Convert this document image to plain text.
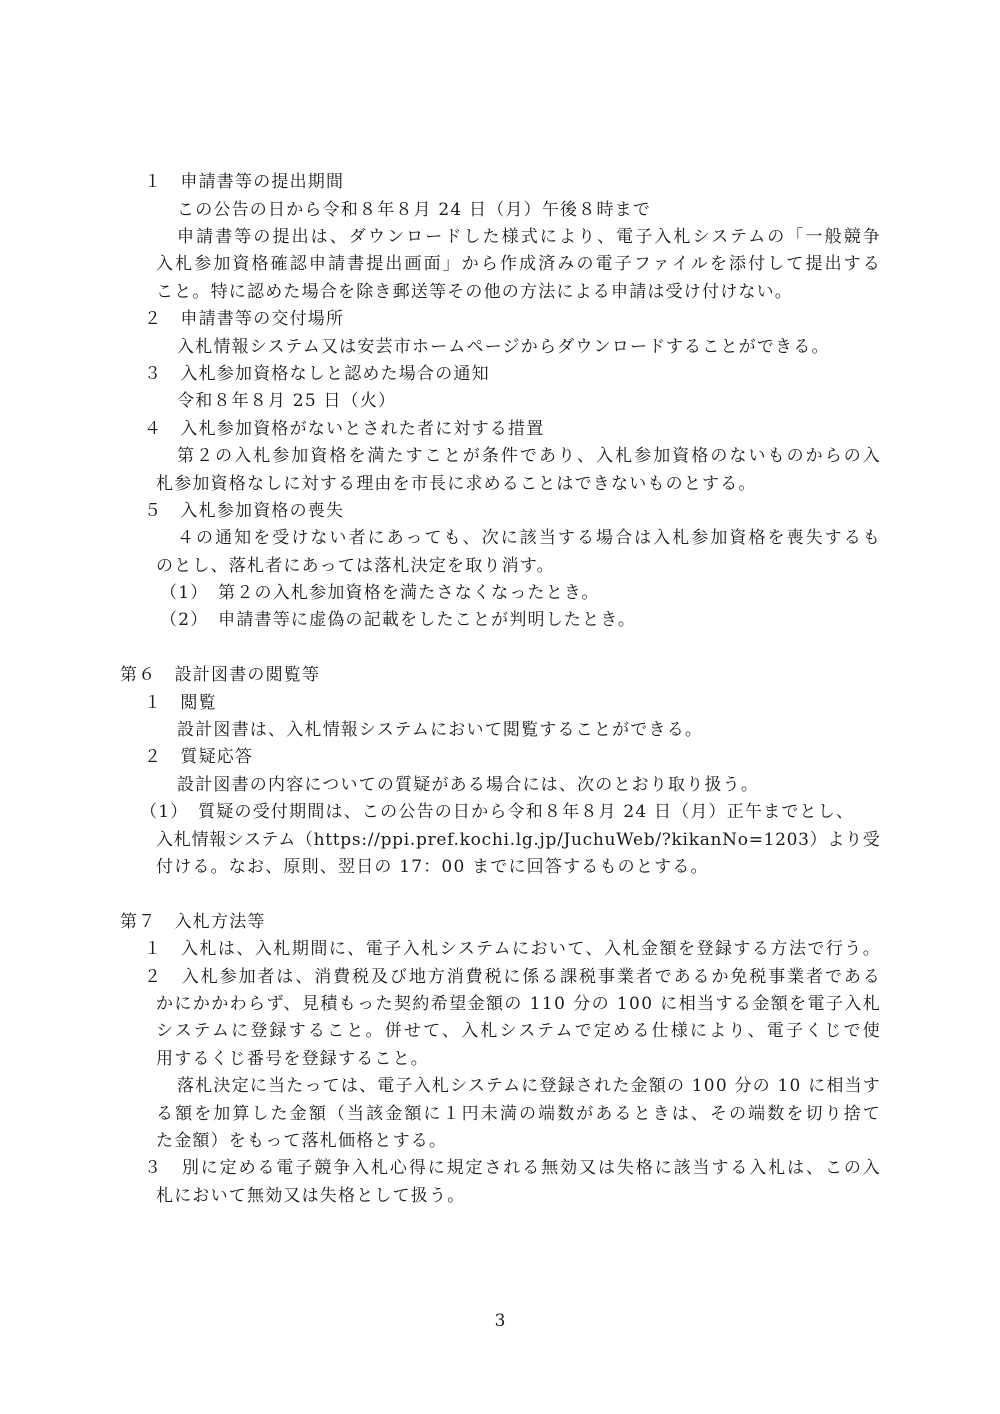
１　申請書等の提出期間
この公告の日から令和８年８月 24 日（月）午後８時まで
申請書等の提出は、ダウンロードした様式により、電子入札システムの「一般競争
入札参加資格確認申請書提出画面」から作成済みの電子ファイルを添付して提出する
こと。特に認めた場合を除き郵送等その他の方法による申請は受け付けない。
２　申請書等の交付場所
入札情報システム又は安芸市ホームページからダウンロードすることができる。
３　入札参加資格なしと認めた場合の通知
令和８年８月 25 日（火）
４　入札参加資格がないとされた者に対する措置
第２の入札参加資格を満たすことが条件であり、入札参加資格のないものからの入
札参加資格なしに対する理由を市長に求めることはできないものとする。
５　入札参加資格の喪失
４の通知を受けない者にあっても、次に該当する場合は入札参加資格を喪失するも
のとし、落札者にあっては落札決定を取り消す。
（1）　第２の入札参加資格を満たさなくなったとき。
（2）　申請書等に虚偽の記載をしたことが判明したとき。
第６　設計図書の閲覧等
１　閲覧
設計図書は、入札情報システムにおいて閲覧することができる。
２　質疑応答
設計図書の内容についての質疑がある場合には、次のとおり取り扱う。
（1）　質疑の受付期間は、この公告の日から令和８年８月 24 日（月）正午までとし、
入札情報システム（https://ppi.pref.kochi.lg.jp/JuchuWeb/?kikanNo=1203）より受
付ける。なお、原則、翌日の 17：00 までに回答するものとする。
第７　入札方法等
１　入札は、入札期間に、電子入札システムにおいて、入札金額を登録する方法で行う。
２　入札参加者は、消費税及び地方消費税に係る課税事業者であるか免税事業者である
かにかかわらず、見積もった契約希望金額の 110 分の 100 に相当する金額を電子入札
システムに登録すること。併せて、入札システムで定める仕様により、電子くじで使
用するくじ番号を登録すること。
落札決定に当たっては、電子入札システムに登録された金額の 100 分の 10 に相当す
る額を加算した金額（当該金額に１円未満の端数があるときは、その端数を切り捨て
た金額）をもって落札価格とする。
３　別に定める電子競争入札心得に規定される無効又は失格に該当する入札は、この入
札において無効又は失格として扱う。
3
